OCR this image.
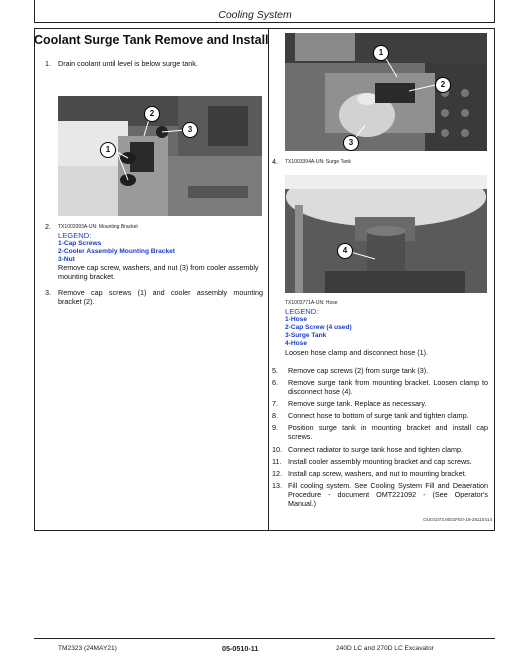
Cooling System
Coolant Surge Tank Remove and Install
1. Drain coolant until level is below surge tank.
1
2
3
2. TX1003393A-UN: Mounting Bracket
LEGEND:
1-Cap Screws
2-Cooler Assembly Mounting Bracket
3-Nut
Remove cap screw, washers, and nut (3) from cooler assembly
mounting bracket.
3. Remove cap screws (1) and cooler assembly mounting
bracket (2).
1
2
3
4. TX1003394A-UN: Surge Tank
4
TX1003771A-UN: Hose
LEGEND:
1-Hose
2-Cap Screw (4 used)
3-Surge Tank
4-Hose
Loosen hose clamp and disconnect hose (1).
5. Remove cap screws (2) from surge tank (3).
6. Remove surge tank from mounting bracket. Loosen clamp to
disconnect hose (4).
7. Remove surge tank. Replace as necessary.
8. Connect hose to bottom of surge tank and tighten clamp.
9. Position surge tank in mounting bracket and install cap
screws.
10. Connect radiator to surge tank hose and tighten clamp.
11. Install cooler assembly mounting bracket and cap screws.
12. Install cap screw, washers, and nut to mounting bracket.
13. Fill cooling system. See Cooling System Fill and Deaeration
Procedure - document OMT221092 - (See Operator's
Manual.)
OUO1073,0001FE0-19-28110414
TM2323 (24MAY21)	05-0510-11	240D LC and 270D LC Excavator
